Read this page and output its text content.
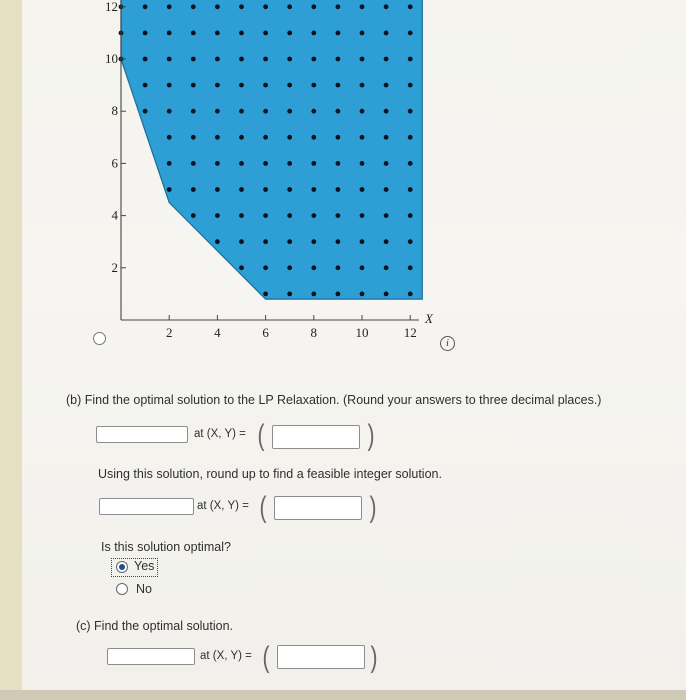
2	4	6	8	10	12
2
4
6
8
10
12
X
i
(b) Find the optimal solution to the LP Relaxation. (Round your answers to three decimal places.)
at (X, Y) = (	)
Using this solution, round up to find a feasible integer solution.
at (X, Y) = (	)
Is this solution optimal?
Yes
No
(c) Find the optimal solution.
at (X, Y) = (	)
